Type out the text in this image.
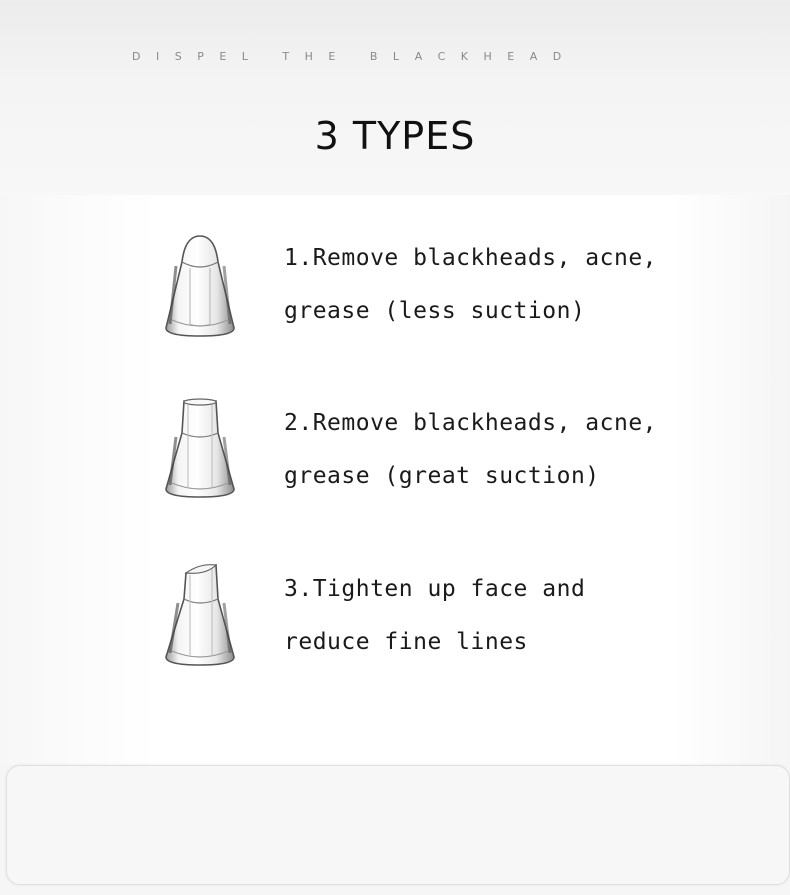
DISPEL THE BLACKHEAD
3 TYPES
1.Remove blackheads, acne,
grease (less suction)
2.Remove blackheads, acne,
grease (great suction)
3.Tighten up face and
reduce fine lines
